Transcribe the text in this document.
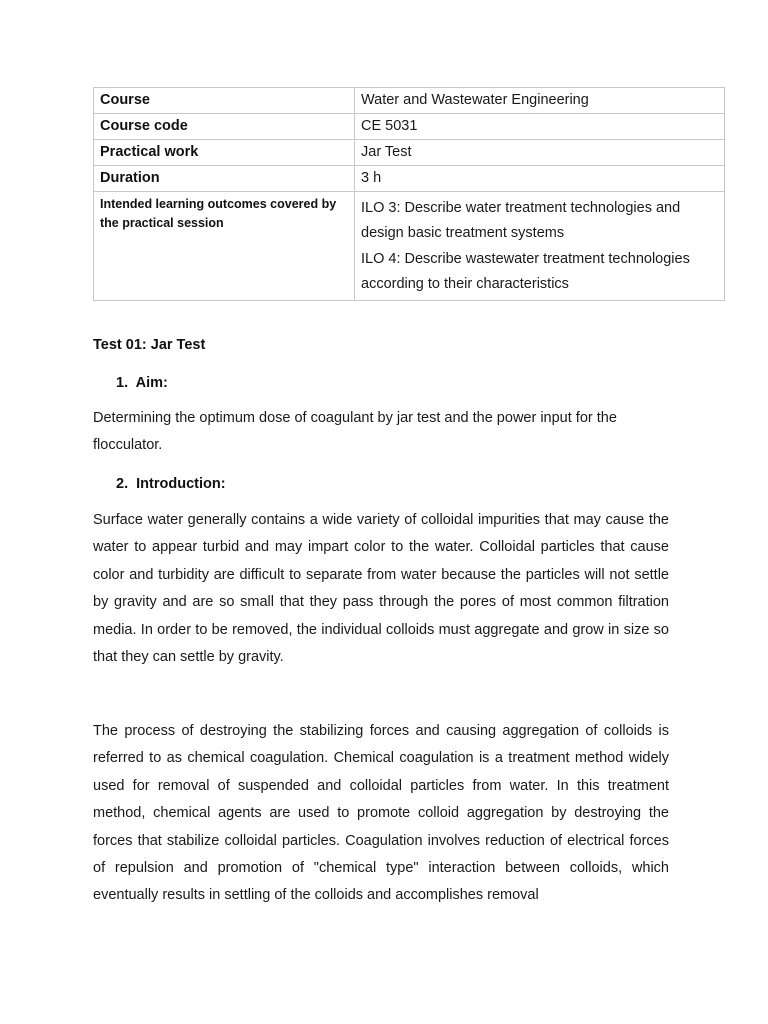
Course	Water and Wastewater Engineering
Course code	CE 5031
Practical work	Jar Test
Duration	3 h
Intended learning outcomes covered by the practical session	ILO 3: Describe water treatment technologies and design basic treatment systems
ILO 4: Describe wastewater treatment technologies according to their characteristics
Test 01: Jar Test
1. Aim:
Determining the optimum dose of coagulant by jar test and the power input for the flocculator.
2. Introduction:
Surface water generally contains a wide variety of colloidal impurities that may cause the water to appear turbid and may impart color to the water. Colloidal particles that cause color and turbidity are difficult to separate from water because the particles will not settle by gravity and are so small that they pass through the pores of most common filtration media. In order to be removed, the individual colloids must aggregate and grow in size so that they can settle by gravity.
The process of destroying the stabilizing forces and causing aggregation of colloids is referred to as chemical coagulation. Chemical coagulation is a treatment method widely used for removal of suspended and colloidal particles from water. In this treatment method, chemical agents are used to promote colloid aggregation by destroying the forces that stabilize colloidal particles. Coagulation involves reduction of electrical forces of repulsion and promotion of "chemical type" interaction between colloids, which eventually results in settling of the colloids and accomplishes removal
